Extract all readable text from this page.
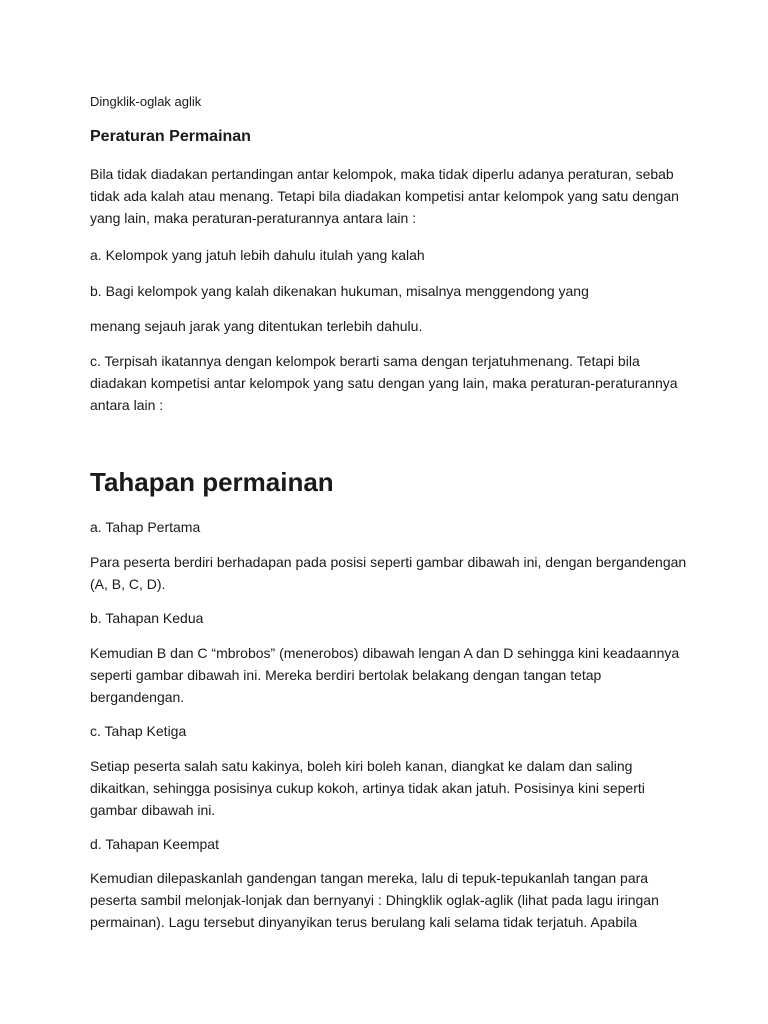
Dingklik-oglak aglik

Peraturan Permainan

Bila tidak diadakan pertandingan antar kelompok, maka tidak diperlu adanya peraturan, sebab tidak ada kalah atau menang. Tetapi bila diadakan kompetisi antar kelompok yang satu dengan yang lain, maka peraturan-peraturannya antara lain :

a. Kelompok yang jatuh lebih dahulu itulah yang kalah

b. Bagi kelompok yang kalah dikenakan hukuman, misalnya menggendong yang

menang sejauh jarak yang ditentukan terlebih dahulu.

c. Terpisah ikatannya dengan kelompok berarti sama dengan terjatuhmenang. Tetapi bila diadakan kompetisi antar kelompok yang satu dengan yang lain, maka peraturan-peraturannya antara lain :

Tahapan permainan

a. Tahap Pertama

Para peserta berdiri berhadapan pada posisi seperti gambar dibawah ini, dengan bergandengan (A, B, C, D).

b. Tahapan Kedua

Kemudian B dan C “mbrobos” (menerobos) dibawah lengan A dan D sehingga kini keadaannya seperti gambar dibawah ini. Mereka berdiri bertolak belakang dengan tangan tetap bergandengan.

c. Tahap Ketiga

Setiap peserta salah satu kakinya, boleh kiri boleh kanan, diangkat ke dalam dan saling dikaitkan, sehingga posisinya cukup kokoh, artinya tidak akan jatuh. Posisinya kini seperti gambar dibawah ini.

d. Tahapan Keempat

Kemudian dilepaskanlah gandengan tangan mereka, lalu di tepuk-tepukanlah tangan para peserta sambil melonjak-lonjak dan bernyanyi : Dhingklik oglak-aglik (lihat pada lagu iringan permainan). Lagu tersebut dinyanyikan terus berulang kali selama tidak terjatuh. Apabila
